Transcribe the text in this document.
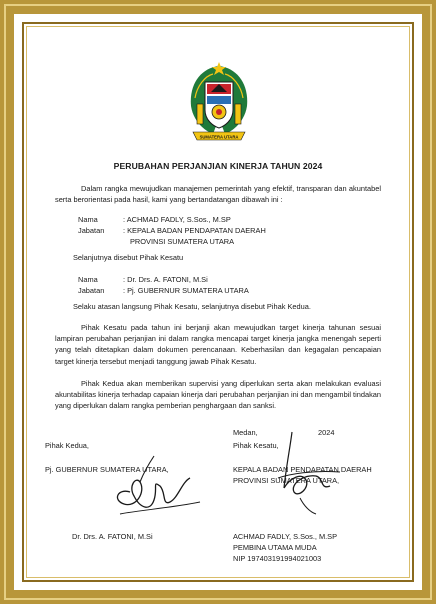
SUMATERA UTARA
PERUBAHAN PERJANJIAN KINERJA TAHUN 2024
Dalam rangka mewujudkan manajemen pemerintah yang efektif, transparan dan akuntabel serta berorientasi pada hasil, kami yang bertandatangan dibawah ini :
Nama	: ACHMAD FADLY, S.Sos., M.SP
Jabatan	: KEPALA BADAN PENDAPATAN DAERAH
PROVINSI SUMATERA UTARA
Selanjutnya disebut Pihak Kesatu
Nama	: Dr. Drs. A. FATONI, M.Si
Jabatan	: Pj. GUBERNUR SUMATERA UTARA
Selaku atasan langsung Pihak Kesatu, selanjutnya disebut Pihak Kedua.
Pihak Kesatu pada tahun ini berjanji akan mewujudkan target kinerja tahunan sesuai lampiran perubahan perjanjian ini dalam rangka mencapai target kinerja jangka menengah seperti yang telah ditetapkan dalam dokumen perencanaan. Keberhasilan dan kegagalan pencapaian target kinerja tersebut menjadi tanggung jawab Pihak Kesatu.
Pihak Kedua akan memberikan supervisi yang diperlukan serta akan melakukan evaluasi akuntabilitas kinerja terhadap capaian kinerja dari perubahan perjanjian ini dan mengambil tindakan yang diperlukan dalam rangka pemberian penghargaan dan sanksi.
Medan,	2024
Pihak Kedua,	Pihak Kesatu,
Pj. GUBERNUR SUMATERA UTARA,	KEPALA BADAN PENDAPATAN DAERAH
PROVINSI SUMATERA UTARA,
Dr. Drs. A. FATONI, M.Si	ACHMAD FADLY, S.Sos., M.SP
PEMBINA UTAMA MUDA
NIP 197403191994021003
